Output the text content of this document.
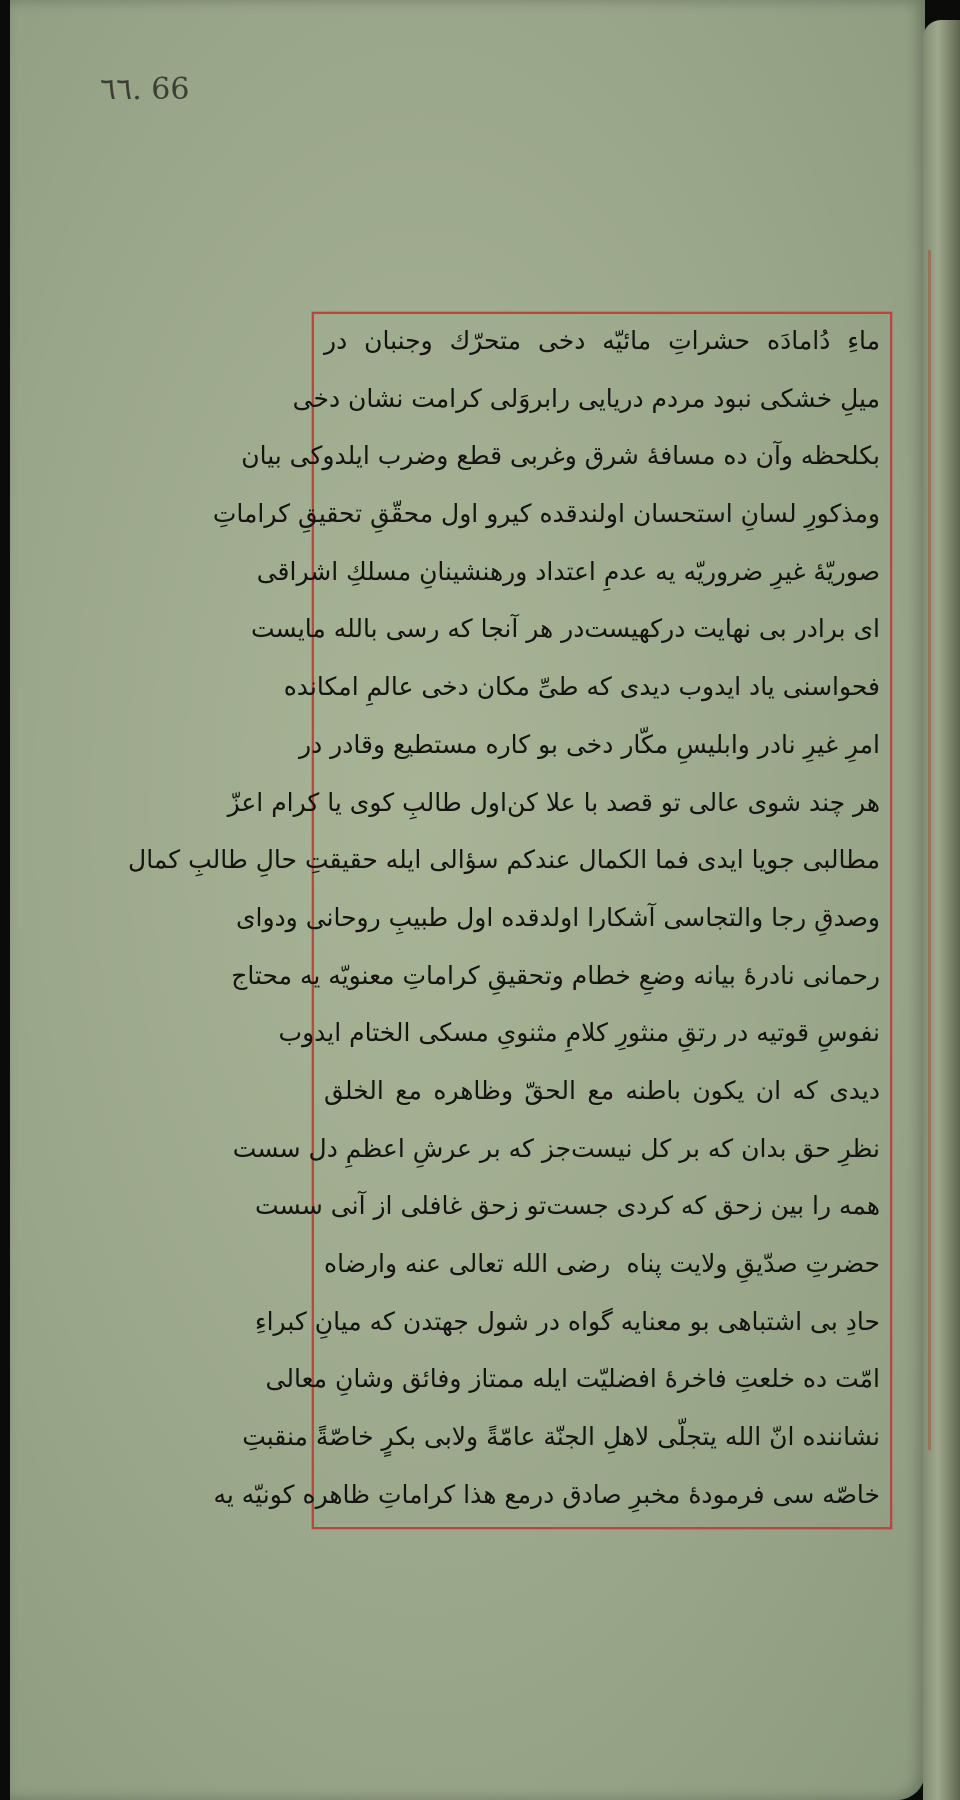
٦٦. 66
ماءِ دُا‌مادَه حشراتِ مائیّه دخی متحرّك وجنبان در
میلِ خشکی نبود مردم دریایی را
بروَلی کرامت نشان دخی
بکلحظه وآن ده مسافهٔ شرق وغربی قطع وضرب ایلدوکی بیان
ومذکورِ لسانِ استحسان اولندقده کیرو اول محقّقِ تحقیقِ کراماتِ
صوریّهٔ غیرِ ضروریّه یه عدمِ اعتداد ورهنشینانِ مسلكِ اشراقی
ای برادر بی نهایت درکهیست
در هر آنجا که رسی بالله مایست
فحواسنی یاد ایدوب دیدی که طیِّ مکان دخی عالمِ امکانده
امرِ غیرِ نادر وابلیسِ مکّار دخی بو کاره مستطیع وقادر در
هر چند شوی عالی تو قصد با علا کن
اول طالبِ کوی یا کرام اعزّ
مطالبی جویا ایدی فما الکمال عندکم سؤالی ایله حقیقتِ حالِ طالبِ کمال
وصدقِ رجا والتجاسی آشکارا اولدقده اول طبیبِ روحانی ودوای
رحمانی نادرهٔ بیانه وضعِ خطام وتحقیقِ کراماتِ معنویّه یه محتاج
نفوسِ قوتیه در رتقِ منثورِ کلامِ مثنویِ مسکی الختام ایدوب
دیدی که ان یکون باطنه مع الحقّ وظاهره مع الخلق
نظرِ حق بدان که بر کل نیست
جز که بر عرشِ اعظمِ دل سست
همه را بین زحق که کردی جست
تو زحق غافلی از آنی سست
حضرتِ صدّیقِ ولایت پناه
رضی الله تعالی عنه وارضاه
حادِ بی اشتباهی بو معنایه گواه در شول جهتدن که میانِ کبراءِ
امّت ده خلعتِ فاخرهٔ افضلیّت ایله ممتاز وفائق وشانِ معالی
نشاننده انّ الله یتجلّی لاهلِ الجنّة عامّةً ولابی بکرٍ خاصّةً منقبتِ
خاصّه سی فرموده‌ٔ مخبرِ صادق درمع هذا کراماتِ ظاهره کونیّه یه
